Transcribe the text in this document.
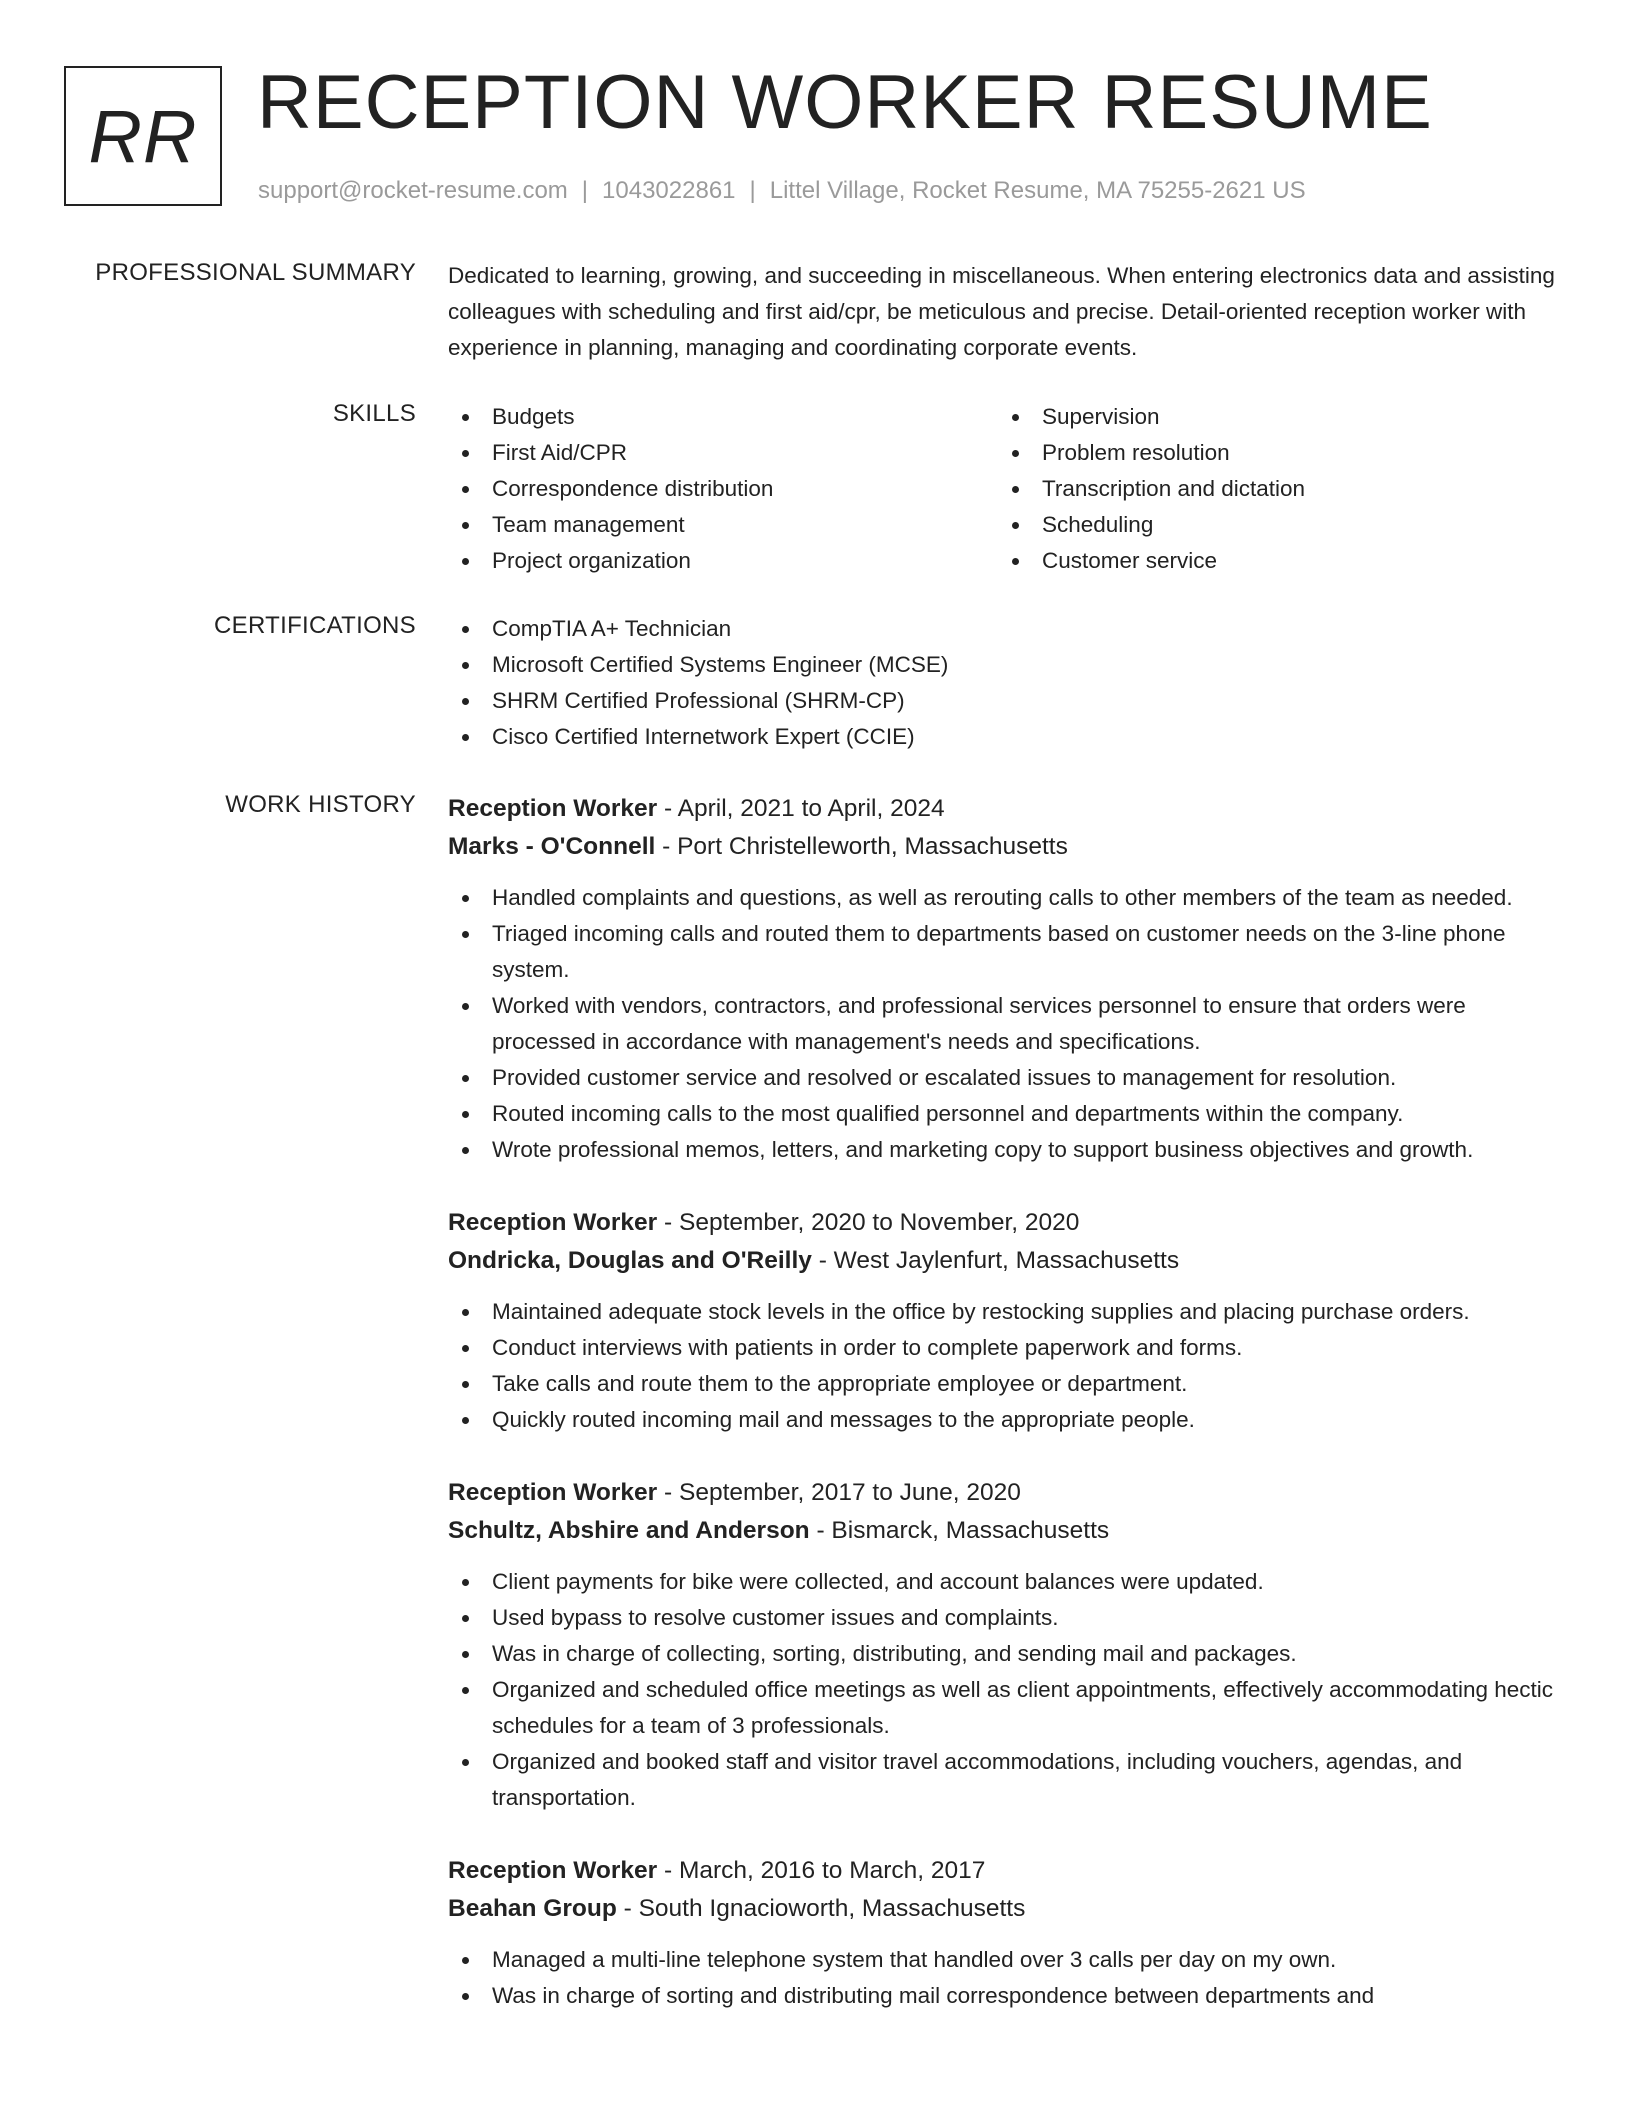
RR RECEPTION WORKER RESUME
support@rocket-resume.com | 1043022861 | Littel Village, Rocket Resume, MA 75255-2621 US
PROFESSIONAL SUMMARY Dedicated to learning, growing, and succeeding in miscellaneous. When entering electronics data and assisting colleagues with scheduling and first aid/cpr, be meticulous and precise. Detail-oriented reception worker with experience in planning, managing and coordinating corporate events.

SKILLS	Budgets
First Aid/CPR
Correspondence distribution
Team management
Project organization
Supervision
Problem resolution
Transcription and dictation
Scheduling
Customer service
CERTIFICATIONS	CompTIA A+ Technician
Microsoft Certified Systems Engineer (MCSE)
SHRM Certified Professional (SHRM-CP)
Cisco Certified Internetwork Expert (CCIE)
WORK HISTORY Reception Worker - April, 2021 to April, 2024
Marks - O'Connell - Port Christelleworth, Massachusetts
Handled complaints and questions, as well as rerouting calls to other members of the team as needed.
Triaged incoming calls and routed them to departments based on customer needs on the 3-line phone system.
Worked with vendors, contractors, and professional services personnel to ensure that orders were processed in accordance with management's needs and specifications.
Provided customer service and resolved or escalated issues to management for resolution.
Routed incoming calls to the most qualified personnel and departments within the company.
Wrote professional memos, letters, and marketing copy to support business objectives and growth.
Reception Worker - September, 2020 to November, 2020
Ondricka, Douglas and O'Reilly - West Jaylenfurt, Massachusetts
Maintained adequate stock levels in the office by restocking supplies and placing purchase orders.
Conduct interviews with patients in order to complete paperwork and forms.
Take calls and route them to the appropriate employee or department.
Quickly routed incoming mail and messages to the appropriate people.
Reception Worker - September, 2017 to June, 2020
Schultz, Abshire and Anderson - Bismarck, Massachusetts
Client payments for bike were collected, and account balances were updated.
Used bypass to resolve customer issues and complaints.
Was in charge of collecting, sorting, distributing, and sending mail and packages.
Organized and scheduled office meetings as well as client appointments, effectively accommodating hectic schedules for a team of 3 professionals.
Organized and booked staff and visitor travel accommodations, including vouchers, agendas, and transportation.
Reception Worker - March, 2016 to March, 2017
Beahan Group - South Ignacioworth, Massachusetts
Managed a multi-line telephone system that handled over 3 calls per day on my own.
Was in charge of sorting and distributing mail correspondence between departments and
